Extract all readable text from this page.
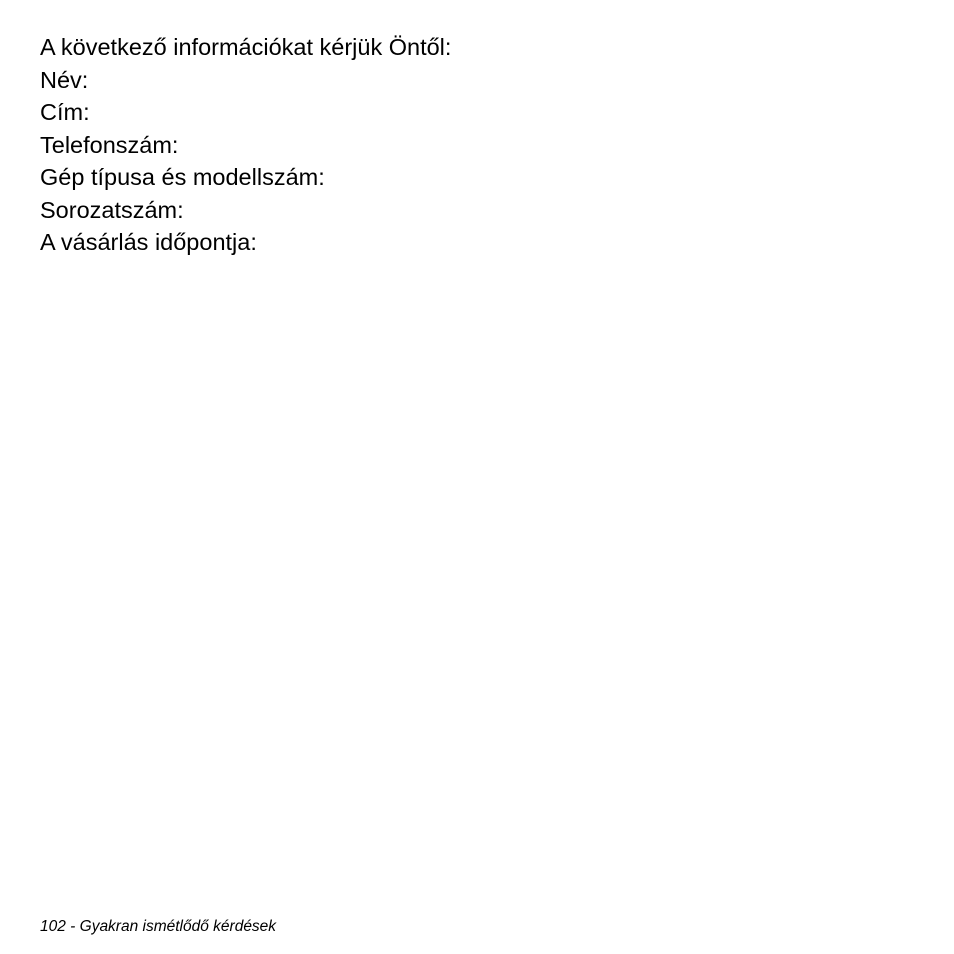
A következő információkat kérjük Öntől:
Név:
Cím:
Telefonszám:
Gép típusa és modellszám:
Sorozatszám:
A vásárlás időpontja:
102 - Gyakran ismétlődő kérdések
